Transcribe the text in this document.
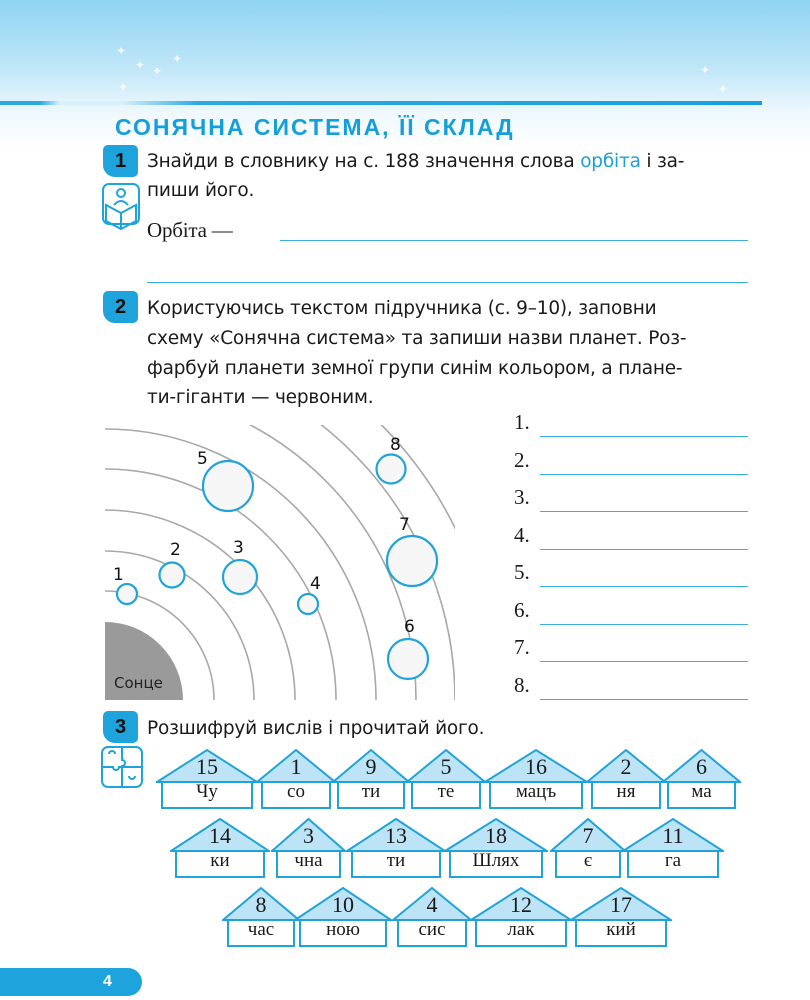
✦
✦
✦ ✦
✦
✦
✦
СОНЯЧНА СИСТЕМА, ЇЇ СКЛАД
1	Знайди в словнику на с. 188 значення слова орбіта і за-
пиши його.
Орбіта —
2	Користуючись текстом підручника (с. 9–10), заповни
схему «Сонячна система» та запиши назви планет. Роз-
фарбуй планети земної групи синім кольором, а плане-
ти-гіганти — червоним.
Сонце
1
2	3
4
5
6
7
8
1.
2.
3.
4.
5.
6.
7.
8.
3	Розшифруй вислів і прочитай його.
15
Чу
1
со
9
ти
5
те
16
мацъ
2
ня
6
ма
14
ки
3
чна
13
ти
18
Шлях
7
є
11
га
8
час
10
ною
4
сис
12
лак
17
кий
4
